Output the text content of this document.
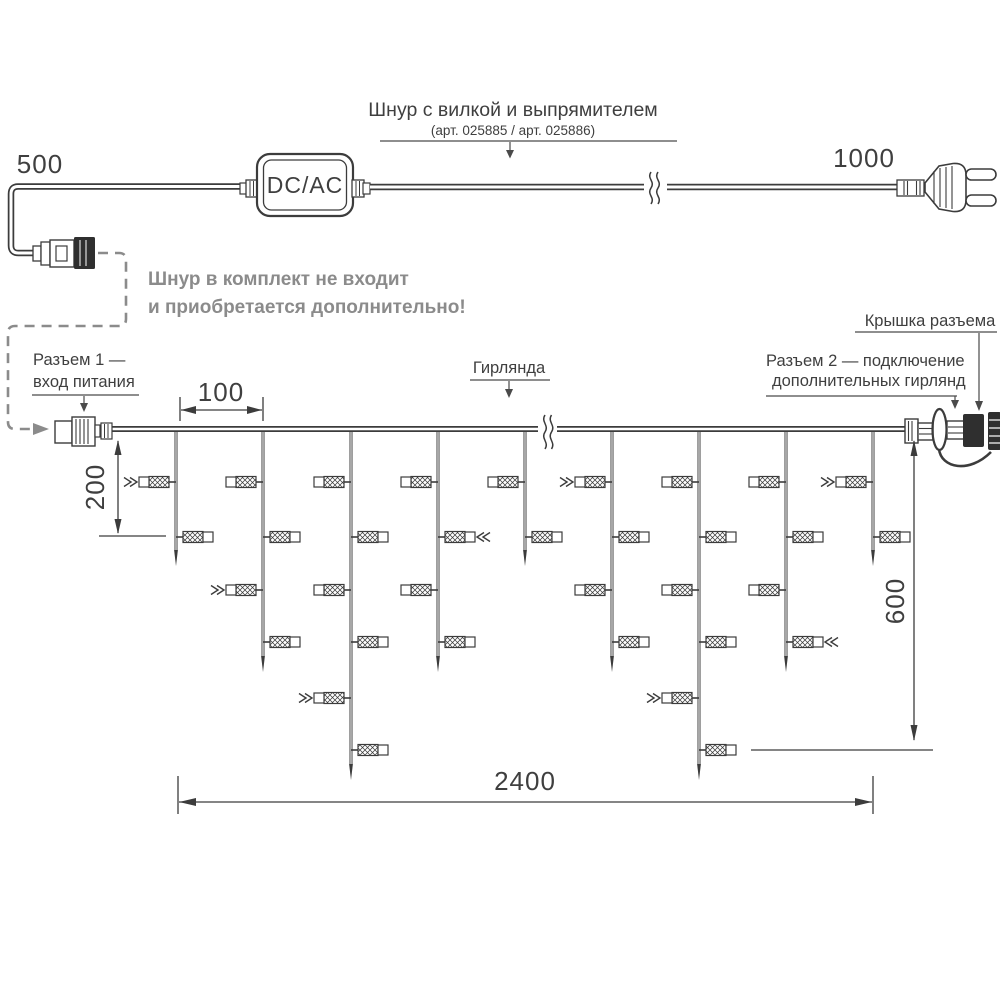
DC/AC
500	1000
Шнур с вилкой и выпрямителем
(арт. 025885 / арт. 025886)
Шнур в комплект не входит
и приобретается дополнительно!
Разъем 1 —
вход питания
Гирлянда
Крышка разъема
Разъем 2 — подключение
дополнительных гирлянд
100
200
600
2400
